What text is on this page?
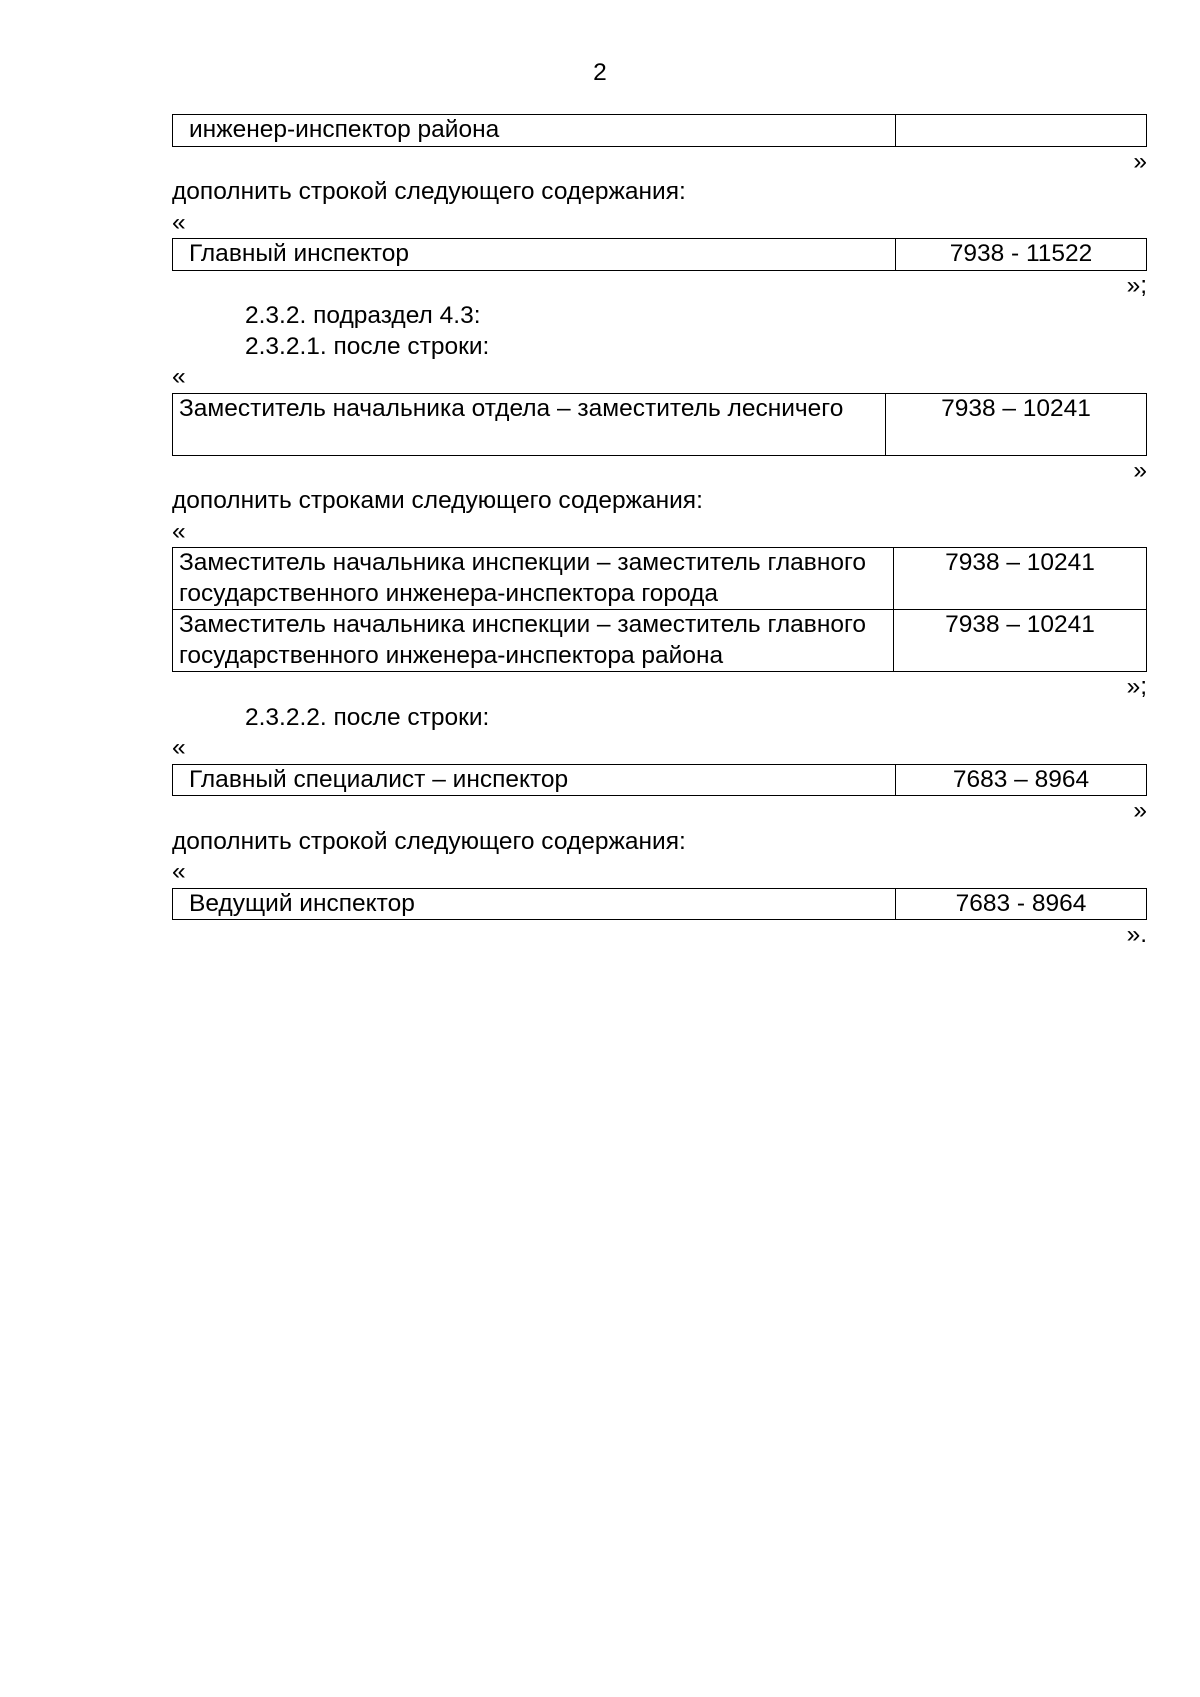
2
инженер-инспектор района	
»
дополнить строкой следующего содержания:
«
Главный инспектор	7938 - 11522
»;
2.3.2. подраздел 4.3:
2.3.2.1. после строки:
«
Заместитель начальника отдела – заместитель лесничего	7938 – 10241
»
дополнить строками следующего содержания:
«
Заместитель начальника инспекции – заместитель главного государственного инженера-инспектора города	7938 – 10241
Заместитель начальника инспекции – заместитель главного государственного инженера-инспектора района	7938 – 10241
»;
2.3.2.2. после строки:
«
Главный специалист – инспектор	7683 – 8964
»
дополнить строкой следующего содержания:
«
Ведущий инспектор	7683 - 8964
».
